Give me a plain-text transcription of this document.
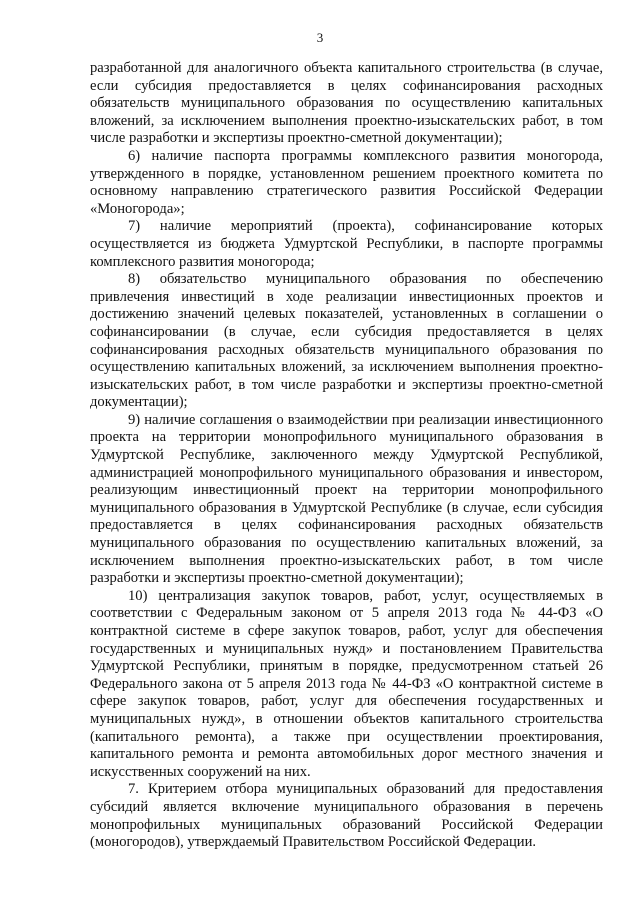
3

разработанной для аналогичного объекта капитального строительства (в случае, если субсидия предоставляется в целях софинансирования расходных обязательств муниципального образования по осуществлению капитальных вложений, за исключением выполнения проектно-изыскательских работ, в том числе разработки и экспертизы проектно-сметной документации);

6) наличие паспорта программы комплексного развития моногорода, утвержденного в порядке, установленном решением проектного комитета по основному направлению стратегического развития Российской Федерации «Моногорода»;

7) наличие мероприятий (проекта), софинансирование которых осуществляется из бюджета Удмуртской Республики, в паспорте программы комплексного развития моногорода;

8) обязательство муниципального образования по обеспечению привлечения инвестиций в ходе реализации инвестиционных проектов и достижению значений целевых показателей, установленных в соглашении о софинансировании (в случае, если субсидия предоставляется в целях софинансирования расходных обязательств муниципального образования по осуществлению капитальных вложений, за исключением выполнения проектно-изыскательских работ, в том числе разработки и экспертизы проектно-сметной документации);

9) наличие соглашения о взаимодействии при реализации инвестиционного проекта на территории монопрофильного муниципального образования в Удмуртской Республике, заключенного между Удмуртской Республикой, администрацией монопрофильного муниципального образования и инвестором, реализующим инвестиционный проект на территории монопрофильного муниципального образования в Удмуртской Республике (в случае, если субсидия предоставляется в целях софинансирования расходных обязательств муниципального образования по осуществлению капитальных вложений, за исключением выполнения проектно-изыскательских работ, в том числе разработки и экспертизы проектно-сметной документации);

10) централизация закупок товаров, работ, услуг, осуществляемых в соответствии с Федеральным законом от 5 апреля 2013 года № 44-ФЗ «О контрактной системе в сфере закупок товаров, работ, услуг для обеспечения государственных и муниципальных нужд» и постановлением Правительства Удмуртской Республики, принятым в порядке, предусмотренном статьей 26 Федерального закона от 5 апреля 2013 года № 44-ФЗ «О контрактной системе в сфере закупок товаров, работ, услуг для обеспечения государственных и муниципальных нужд», в отношении объектов капитального строительства (капитального ремонта), а также при осуществлении проектирования, капитального ремонта и ремонта автомобильных дорог местного значения и искусственных сооружений на них.

7. Критерием отбора муниципальных образований для предоставления субсидий является включение муниципального образования в перечень монопрофильных муниципальных образований Российской Федерации (моногородов), утверждаемый Правительством Российской Федерации.
